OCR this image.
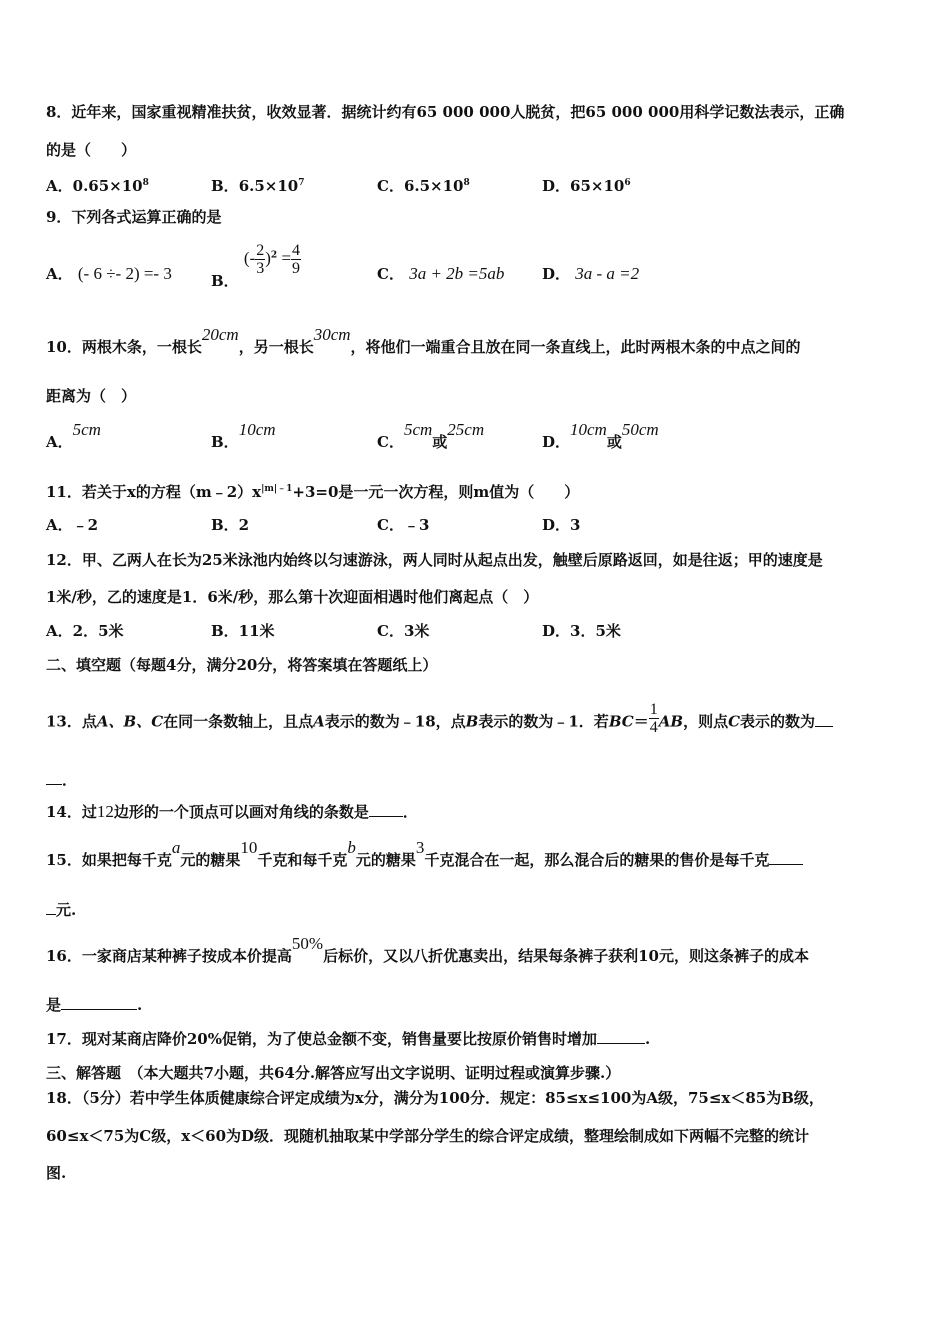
8．近年来，国家重视精准扶贫，收效显著．据统计约有65 000 000人脱贫，把65 000 000用科学记数法表示，正确
的是（　　）
A．$0.65\times 10^8$	B．$6.5\times 10^7$	C．$6.5\times 10^8$	D．$65\times 10^6$
9．下列各式运算正确的是
A． (- 6 ÷- 2) =- 3	B． (- $\frac{2}{3} )^2 = \frac{4}{9}$	C． 3a + 2b =5ab	D． 3a - a =2
10．两根木条，一根长20cm，另一根长30cm，将他们一端重合且放在同一条直线上，此时两根木条的中点之间的
距离为（　）
A．5cm
B．10cm
C．5cm或25cm
D．10cm或50cm
11．若关于x的方程$(m﹣2)x^{|m|﹣1}+3=0$是一元一次方程，则m值为（　　）
A．﹣2	B．2	C．﹣3	D．3
12．甲、乙两人在长为25米泳池内始终以匀速游泳，两人同时从起点出发，触壁后原路返回，如是往返；甲的速度是
1米/秒，乙的速度是1．6米/秒，那么第十次迎面相遇时他们离起点（　）
A．2．5米	B．11米	C．3米	D．3．5米
二、填空题（每题4分，满分20分，将答案填在答题纸上）
13．点A、B、C在同一条数轴上，且点A表示的数为﹣18，点B表示的数为﹣1．若$BC= \frac{1}{4}$ AB，则点C表示的数为
．
14．过12边形的一个顶点可以画对角线的条数是 ．
15．如果把每千克a元的糖果10千克和每千克b元的糖果3千克混合在一起，那么混合后的糖果的售价是每千克
元.
16．一家商店某种裤子按成本价提高50%后标价，又以八折优惠卖出，结果每条裤子获利10元，则这条裤子的成本
是	.
17．现对某商店降价20%促销，为了使总金额不变，销售量要比按原价销售时增加	.
三、解答题　（本大题共7小题，共64分.解答应写出文字说明、证明过程或演算步骤.）
18．（5分）若中学生体质健康综合评定成绩为x分，满分为100分．规定：85≤x≤100为A级，75≤x＜85为B级，
60≤x＜75为C级，x＜60为D级．现随机抽取某中学部分学生的综合评定成绩，整理绘制成如下两幅不完整的统计
图.
